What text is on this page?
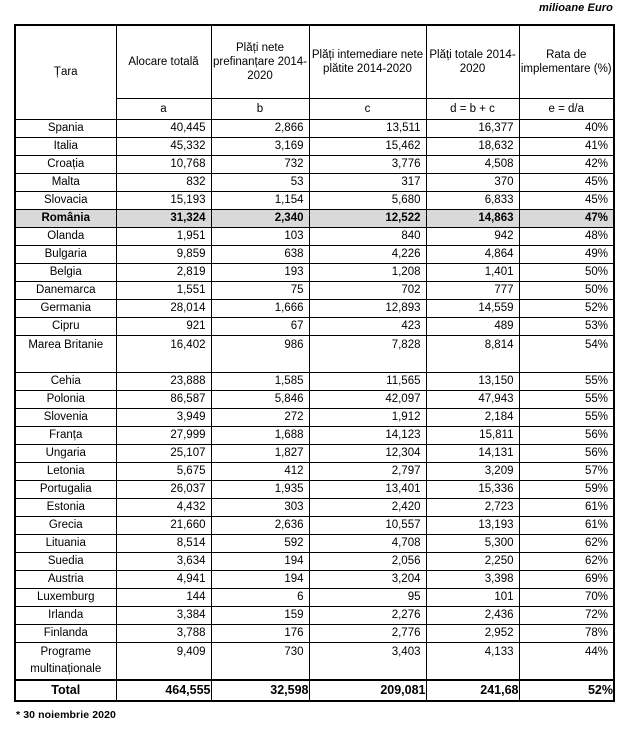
milioane Euro
Țara	Alocare totală	Plăți nete prefinanțare 2014-2020	Plăți intemediare nete plătite 2014-2020	Plăți totale 2014- 2020	Rata de implementare (%)
	a	b	c	d = b + c	e = d/a
Spania	40,445	2,866	13,511	16,377	40%
Italia	45,332	3,169	15,462	18,632	41%
Croația	10,768	732	3,776	4,508	42%
Malta	832	53	317	370	45%
Slovacia	15,193	1,154	5,680	6,833	45%
România	31,324	2,340	12,522	14,863	47%
Olanda	1,951	103	840	942	48%
Bulgaria	9,859	638	4,226	4,864	49%
Belgia	2,819	193	1,208	1,401	50%
Danemarca	1,551	75	702	777	50%
Germania	28,014	1,666	12,893	14,559	52%
Cipru	921	67	423	489	53%
Marea Britanie	16,402	986	7,828	8,814	54%
Cehia	23,888	1,585	11,565	13,150	55%
Polonia	86,587	5,846	42,097	47,943	55%
Slovenia	3,949	272	1,912	2,184	55%
Franța	27,999	1,688	14,123	15,811	56%
Ungaria	25,107	1,827	12,304	14,131	56%
Letonia	5,675	412	2,797	3,209	57%
Portugalia	26,037	1,935	13,401	15,336	59%
Estonia	4,432	303	2,420	2,723	61%
Grecia	21,660	2,636	10,557	13,193	61%
Lituania	8,514	592	4,708	5,300	62%
Suedia	3,634	194	2,056	2,250	62%
Austria	4,941	194	3,204	3,398	69%
Luxemburg	144	6	95	101	70%
Irlanda	3,384	159	2,276	2,436	72%
Finlanda	3,788	176	2,776	2,952	78%
Programe multinaționale	9,409	730	3,403	4,133	44%
Total	464,555	32,598	209,081	241,68	52%
* 30 noiembrie 2020
